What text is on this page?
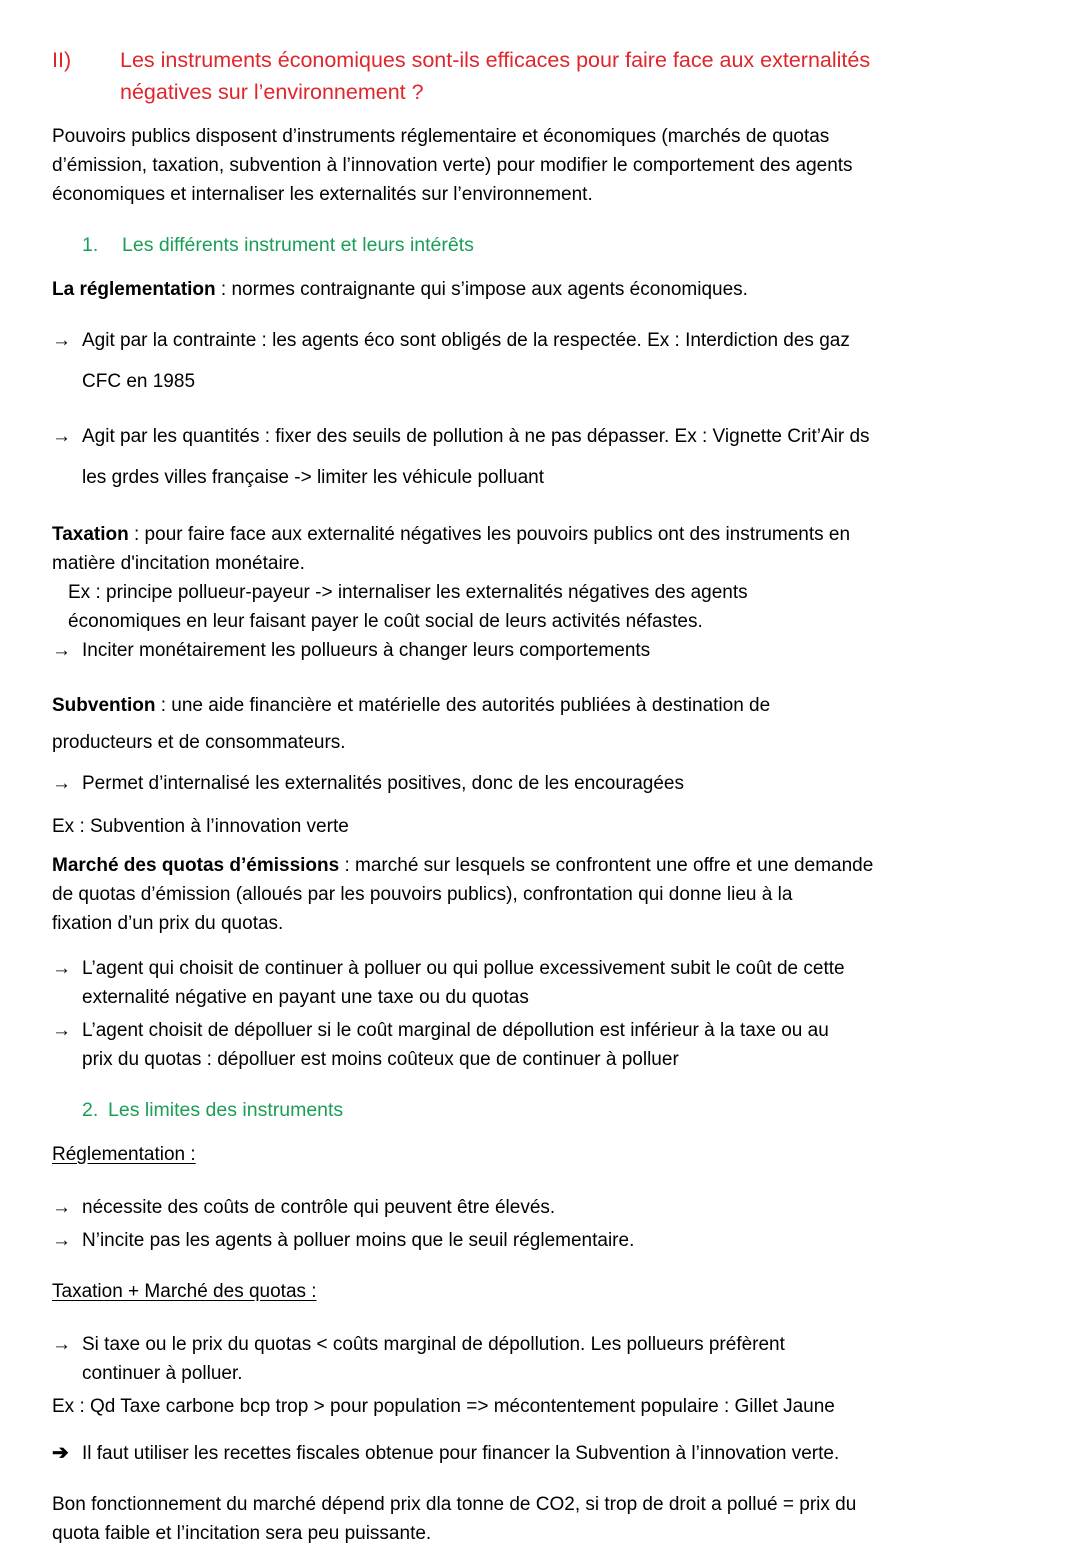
II)	Les instruments économiques sont-ils efficaces pour faire face aux externalités
négatives sur l’environnement ?

Pouvoirs publics disposent d’instruments réglementaire et économiques (marchés de quotas
d’émission, taxation, subvention à l’innovation verte) pour modifier le comportement des agents
économiques et internaliser les externalités sur l’environnement.

1.	Les différents instrument et leurs intérêts

La réglementation : normes contraignante qui s’impose aux agents économiques.

→ Agit par la contrainte : les agents éco sont obligés de la respectée. Ex : Interdiction des gaz
CFC en 1985
→ Agit par les quantités : fixer des seuils de pollution à ne pas dépasser. Ex : Vignette Crit’Air ds
les grdes villes française -> limiter les véhicule polluant

Taxation : pour faire face aux externalité négatives les pouvoirs publics ont des instruments en
matière d'incitation monétaire.

Ex : principe pollueur-payeur -> internaliser les externalités négatives des agents

économiques en leur faisant payer le coût social de leurs activités néfastes.

→ Inciter monétairement les pollueurs à changer leurs comportements

Subvention : une aide financière et matérielle des autorités publiées à destination de
producteurs et de consommateurs.

→ Permet d’internalisé les externalités positives, donc de les encouragées

Ex : Subvention à l’innovation verte

Marché des quotas d’émissions : marché sur lesquels se confrontent une offre et une demande
de quotas d’émission (alloués par les pouvoirs publics), confrontation qui donne lieu à la
fixation d’un prix du quotas.

→ L’agent qui choisit de continuer à polluer ou qui pollue excessivement subit le coût de cette
externalité négative en payant une taxe ou du quotas
→ L’agent choisit de dépolluer si le coût marginal de dépollution est inférieur à la taxe ou au
prix du quotas : dépolluer est moins coûteux que de continuer à polluer
2. Les limites des instruments
Réglementation :
→ nécessite des coûts de contrôle qui peuvent être élevés.
→ N’incite pas les agents à polluer moins que le seuil réglementaire.
Taxation + Marché des quotas :
→ Si taxe ou le prix du quotas < coûts marginal de dépollution. Les pollueurs préfèrent
continuer à polluer.

Ex : Qd Taxe carbone bcp trop > pour population => mécontentement populaire : Gillet Jaune

➔ Il faut utiliser les recettes fiscales obtenue pour financer la Subvention à l’innovation verte.

Bon fonctionnement du marché dépend prix dla tonne de CO2, si trop de droit a pollué = prix du
quota faible et l’incitation sera peu puissante.
